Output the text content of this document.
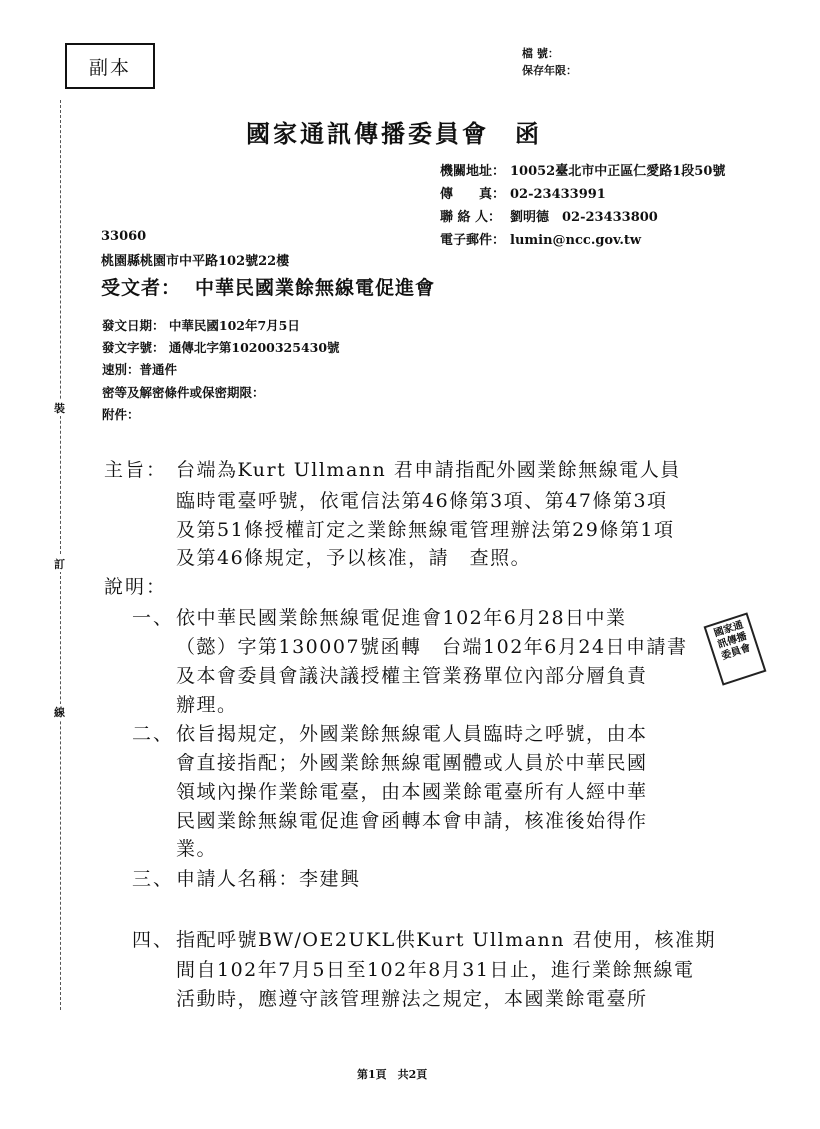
裝
訂
線
副本
檔 號：
保存年限：
國家通訊傳播委員會 函
機關地址： 10052臺北市中正區仁愛路1段50號
傳　　真： 02-23433991
聯 絡 人： 劉明德　02-23433800
電子郵件： lumin@ncc.gov.tw
33060
桃園縣桃園市中平路102號22樓
受文者： 中華民國業餘無線電促進會
發文日期： 中華民國102年7月5日
發文字號： 通傳北字第10200325430號
速別：普通件
密等及解密條件或保密期限：
附件：
主旨： 台端為Kurt Ullmann 君申請指配外國業餘無線電人員
臨時電臺呼號，依電信法第46條第3項、第47條第3項
及第51條授權訂定之業餘無線電管理辦法第29條第1項
及第46條規定，予以核准，請　查照。
說明：
一、 依中華民國業餘無線電促進會102年6月28日中業
（懿）字第130007號函轉　台端102年6月24日申請書
及本會委員會議決議授權主管業務單位內部分層負責
辦理。
二、 依旨揭規定，外國業餘無線電人員臨時之呼號，由本
會直接指配；外國業餘無線電團體或人員於中華民國
領域內操作業餘電臺，由本國業餘電臺所有人經中華
民國業餘無線電促進會函轉本會申請，核准後始得作
業。
三、 申請人名稱：李建興
四、 指配呼號BW/OE2UKL供Kurt Ullmann 君使用，核准期
間自102年7月5日至102年8月31日止，進行業餘無線電
活動時，應遵守該管理辦法之規定，本國業餘電臺所
國家通訊傳播委員會
第1頁　共2頁
